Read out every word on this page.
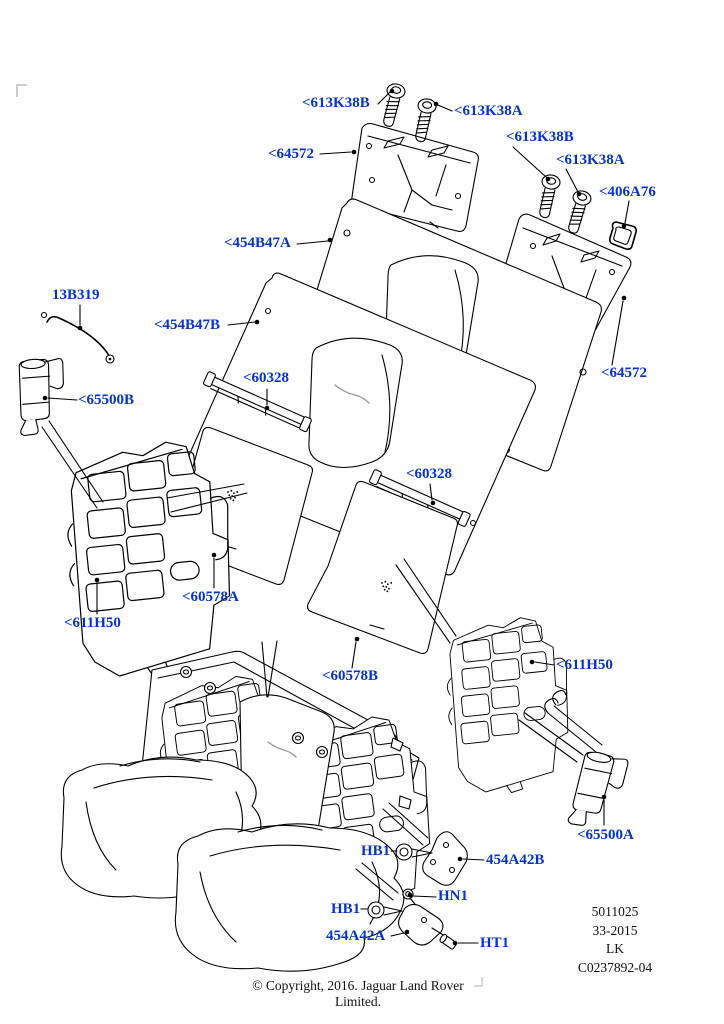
<613K38B	<613K38A
<64572
<613K38B
<613K38A
<406A76
<454B47A
13B319
<454B47B
<60328
<65500B
<64572
<60328
<60578A
<611H50
<60578B
<611H50
<65500A
HB1
454A42B
HN1
HB1
454A42A	HT1
5011025
33-2015
LK
C0237892-04
© Copyright, 2016. Jaguar Land Rover Limited.
